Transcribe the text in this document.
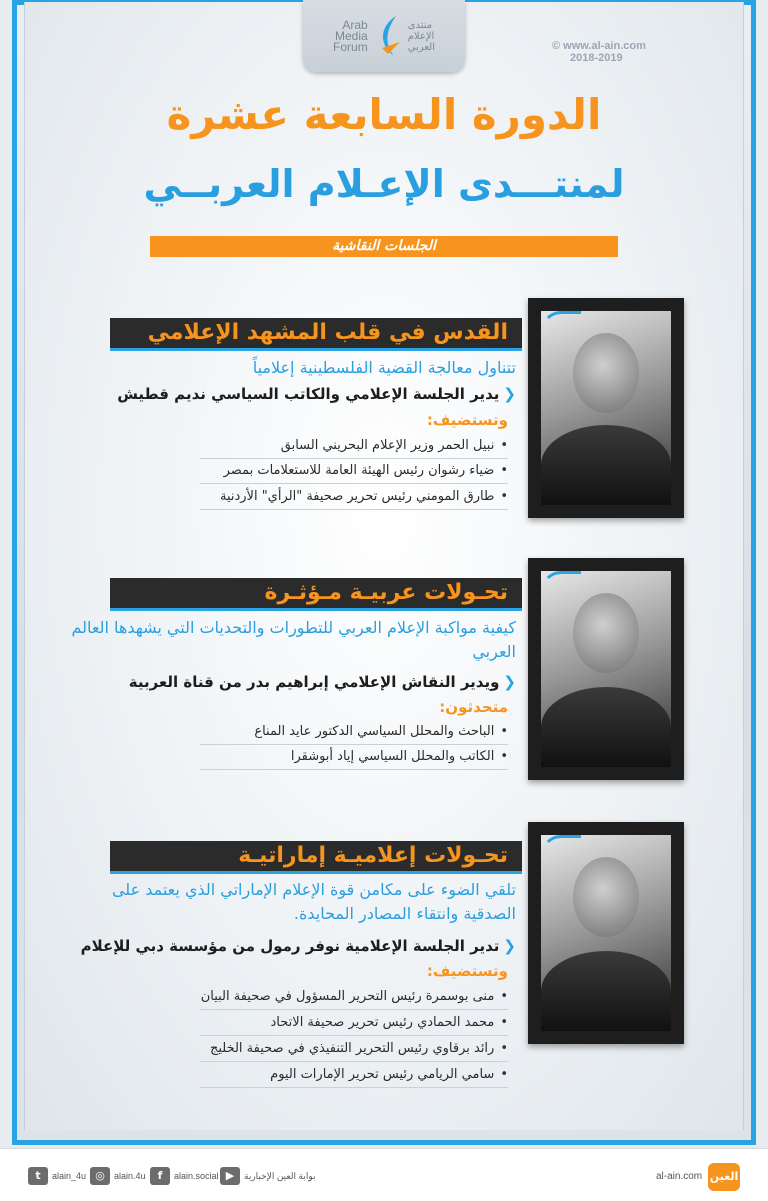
Arab
Media
Forum
منتدى
الإعلام
العربي	© www.al-ain.com
2018-2019
الدورة السابعة عشرة
لمنتـــدى الإعـلام العربــي
الجلسات النقاشية
القدس في قلب المشهد الإعلامي
تتناول معالجة القضية الفلسطينية إعلامياً
❮يدير الجلسة الإعلامي والكاتب السياسي نديم قطيش
وتستضيف:
• نبيل الحمر وزير الإعلام البحريني السابق
• ضياء رشوان رئيس الهيئة العامة للاستعلامات بمصر
• طارق المومني رئيس تحرير صحيفة "الرأي" الأردنية
تحـولات عربيـة مـؤثـرة
كيفية مواكبة الإعلام العربي للتطورات والتحديات التي يشهدها العالم العربي
❮ويدير النقاش الإعلامي إبراهيم بدر من قناة العربية
متحدثون:
• الباحث والمحلل السياسي الدكتور عايد المناع
• الكاتب والمحلل السياسي إياد أبوشقرا
تحـولات إعلاميـة إماراتيـة
تلقي الضوء على مكامن قوة الإعلام الإماراتي الذي يعتمد على الصدقية وانتقاء المصادر المحايدة.
❮تدير الجلسة الإعلامية نوفر رمول من مؤسسة دبي للإعلام
وتستضيف:
• منى بوسمرة رئيس التحرير المسؤول في صحيفة البيان
• محمد الحمادي رئيس تحرير صحيفة الاتحاد
• رائد برقاوي رئيس التحرير التنفيذي في صحيفة الخليج
• سامي الريامي رئيس تحرير الإمارات اليوم
t	alain_4u ◎	alain.4u	f	alain.social ▶	بوابة العين الإخبارية	al-ain.com العين
